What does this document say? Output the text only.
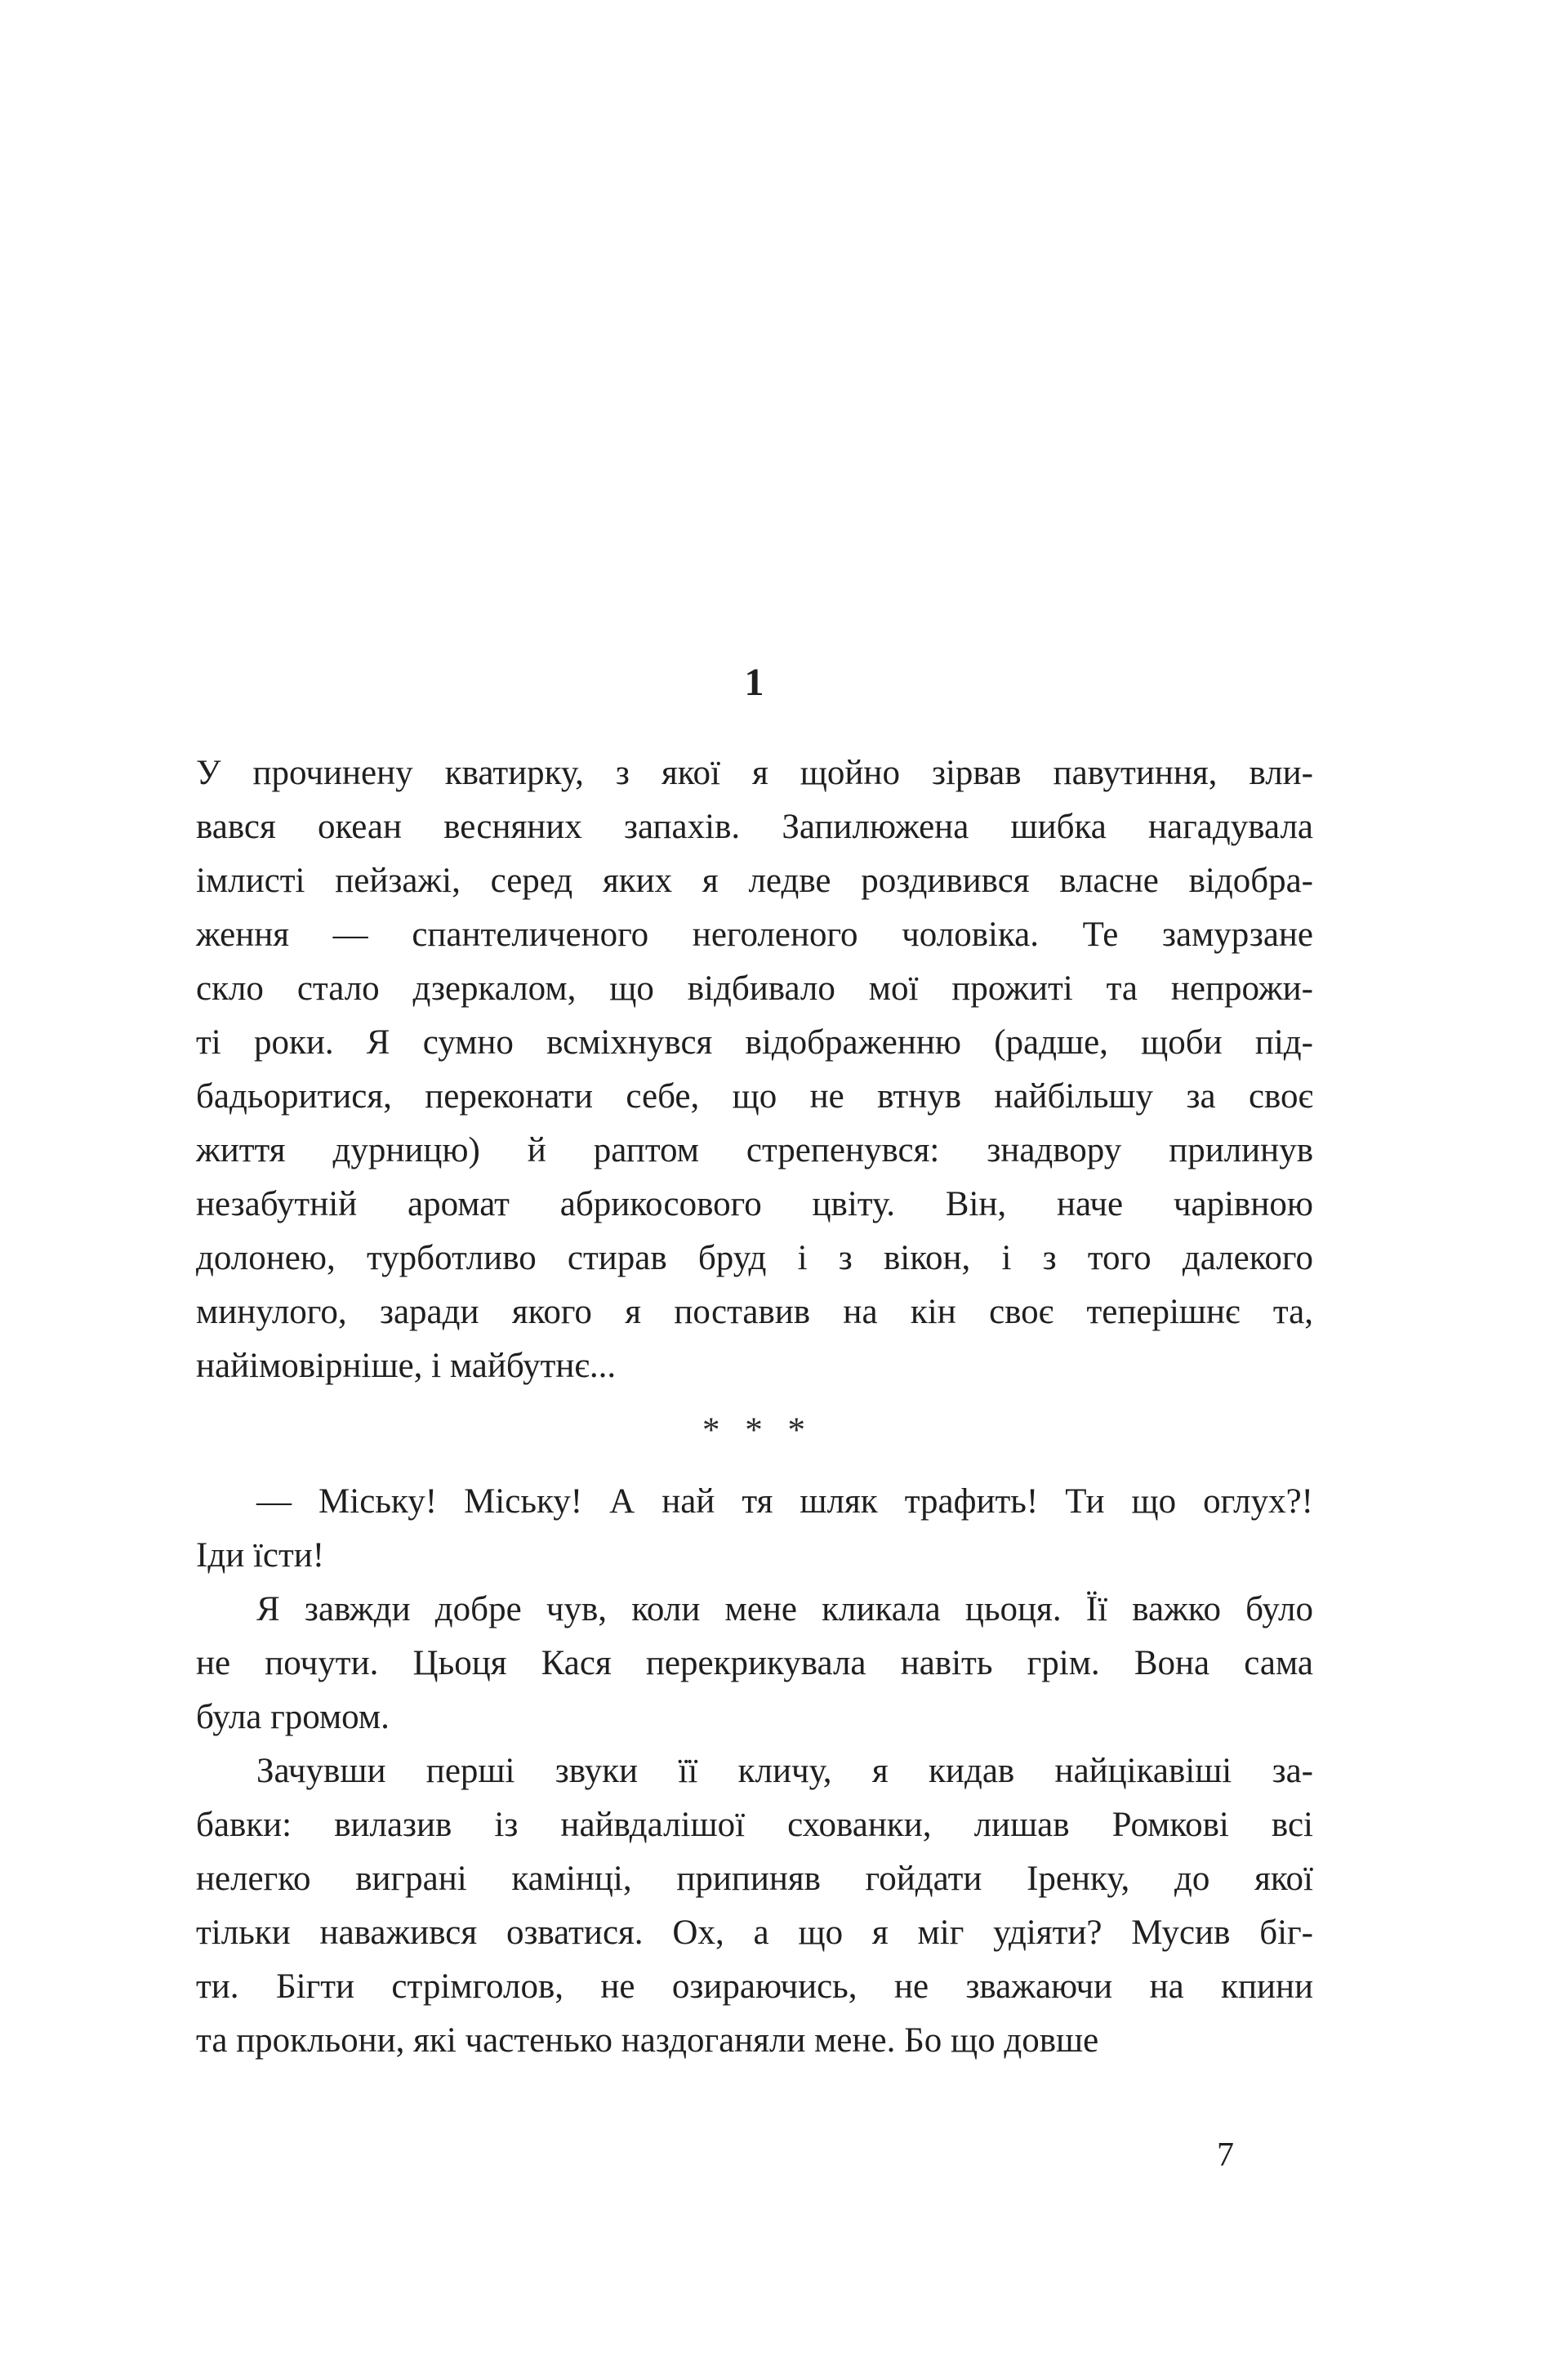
1
У прочинену кватирку, з якої я щойно зірвав павутиння, вли-
вався океан весняних запахів. Запилюжена шибка нагадувала
імлисті пейзажі, серед яких я ледве роздивився власне відобра-
ження — спантеличеного неголеного чоловіка. Те замурзане
скло стало дзеркалом, що відбивало мої прожиті та непрожи-
ті роки. Я сумно всміхнувся відображенню (радше, щоби під-
бадьоритися, переконати себе, що не втнув найбільшу за своє
життя дурницю) й раптом стрепенувся: знадвору прилинув
незабутній аромат абрикосового цвіту. Він, наче чарівною
долонею, турботливо стирав бруд і з вікон, і з того далекого
минулого, заради якого я поставив на кін своє теперішнє та,
найімовірніше, і майбутнє...
* * *
— Міську! Міську! А най тя шляк трафить! Ти що оглух?!
Іди їсти!
Я завжди добре чув, коли мене кликала цьоця. Її важко було
не почути. Цьоця Кася перекрикувала навіть грім. Вона сама
була громом.
Зачувши перші звуки її кличу, я кидав найцікавіші за-
бавки: вилазив із найвдалішої схованки, лишав Ромкові всі
нелегко виграні камінці, припиняв гойдати Іренку, до якої
тільки наважився озватися. Ох, а що я міг удіяти? Мусив біг-
ти. Бігти стрімголов, не озираючись, не зважаючи на кпини
та прокльони, які частенько наздоганяли мене. Бо що довше
7
